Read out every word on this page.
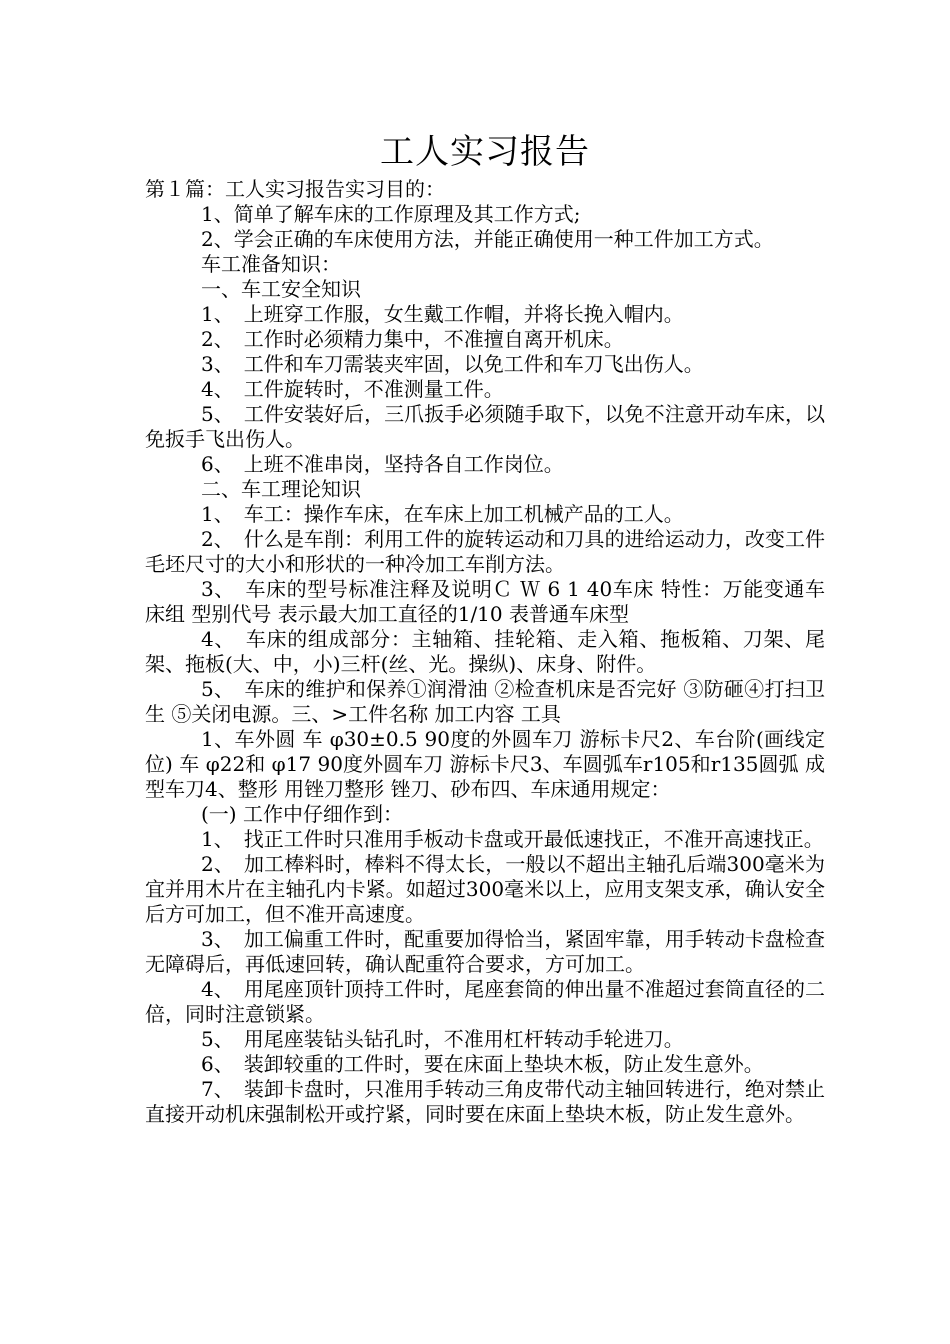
工人实习报告

第１篇：工人实习报告实习目的：

1、简单了解车床的工作原理及其工作方式;

2、学会正确的车床使用方法，并能正确使用一种工件加工方式。

车工准备知识：

一、车工安全知识

1、　上班穿工作服，女生戴工作帽，并将长挽入帽内。

2、　工作时必须精力集中，不准擅自离开机床。

3、　工件和车刀需装夹牢固，以免工件和车刀飞出伤人。

4、　工件旋转时，不准测量工件。

5、　工件安装好后，三爪扳手必须随手取下，以免不注意开动车床，以免扳手飞出伤人。

6、　上班不准串岗，坚持各自工作岗位。

二、车工理论知识

1、　车工：操作车床，在车床上加工机械产品的工人。

2、　什么是车削：利用工件的旋转运动和刀具的进给运动力，改变工件毛坯尺寸的大小和形状的一种冷加工车削方法。

3、　车床的型号标准注释及说明Ｃ Ｗ 6 1 40车床 特性：万能变通车床组 型别代号 表示最大加工直径的1/10 表普通车床型

4、　车床的组成部分：主轴箱、挂轮箱、走入箱、拖板箱、刀架、尾架、拖板(大、中，小)三杆(丝、光。操纵)、床身、附件。

5、　车床的维护和保养①润滑油 ②检查机床是否完好 ③防砸④打扫卫生 ⑤关闭电源。三、>工件名称 加工内容 工具

1、车外圆 车 φ30±0.5 90度的外圆车刀 游标卡尺2、车台阶(画线定位) 车 φ22和 φ17 90度外圆车刀 游标卡尺3、车圆弧车r105和r135圆弧 成型车刀4、整形 用锉刀整形 锉刀、砂布四、车床通用规定：

(一) 工作中仔细作到：

1、　找正工件时只准用手板动卡盘或开最低速找正，不准开高速找正。

2、　加工棒料时，棒料不得太长，一般以不超出主轴孔后端300毫米为宜并用木片在主轴孔内卡紧。如超过300毫米以上，应用支架支承，确认安全后方可加工，但不准开高速度。

3、　加工偏重工件时，配重要加得恰当，紧固牢靠，用手转动卡盘检查无障碍后，再低速回转，确认配重符合要求，方可加工。

4、　用尾座顶针顶持工件时，尾座套筒的伸出量不准超过套筒直径的二倍，同时注意锁紧。

5、　用尾座装钻头钻孔时，不准用杠杆转动手轮进刀。

6、　装卸较重的工件时，要在床面上垫块木板，防止发生意外。

7、　装卸卡盘时，只准用手转动三角皮带代动主轴回转进行，绝对禁止直接开动机床强制松开或拧紧，同时要在床面上垫块木板，防止发生意外。
